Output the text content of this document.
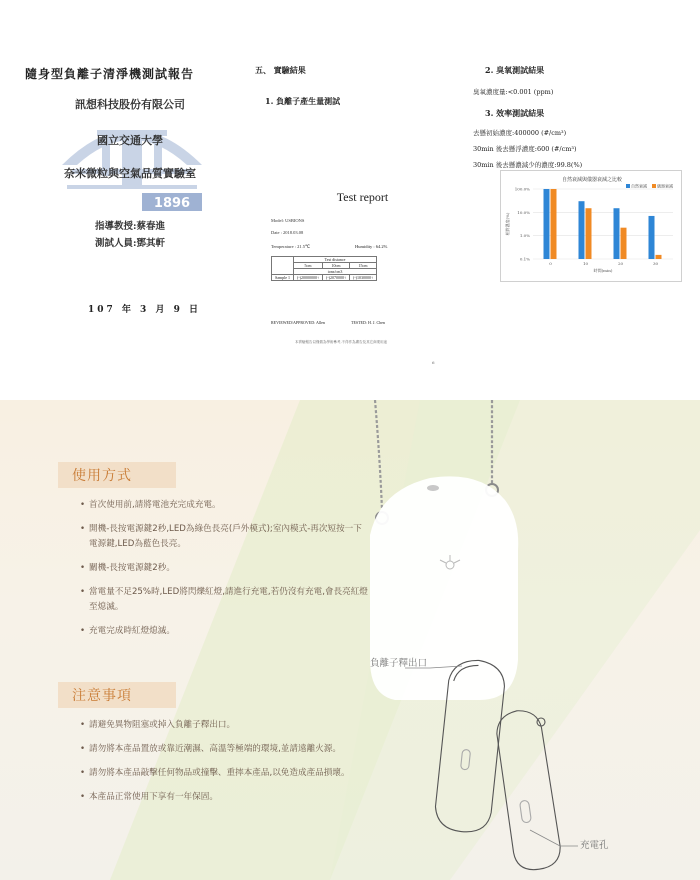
1896
隨身型負離子清淨機測試報告
訊想科技股份有限公司
國立交通大學
奈米微粒與空氣品質實驗室
指導教授:蔡春進
測試人員:鄧其軒
107 年 3 月 9 日
五、 實驗結果
1. 負離子產生量測試
Test report
Model: USBIONS
Date : 2018.03.08
Temperature : 21.5℃	Humidity : 64.2%
	Test distance		
	5cm	10cm	15cm
	ions/cm3		
Sample 1	(-)20000000↑	(-)2070000↑	(-)1030000↑
REVIEWED/APPROVED: Allen	TESTED: H. J. Chen
本實驗報告以僅做為學術參考,不得作為廣告及其它商業用途
6
2. 臭氧測試結果
臭氧濃度量:<0.001 (ppm)
3. 效率測試結果
去懸初始濃度:400000 (#/cm³)
30min 後去懸浮濃度:600 (#/cm³)
30min 後去懸濃減少的濃度:99.8(%)
自然衰減與儀器衰減之比較
0.1%
1.0%
10.0%
100.0%
相對濃度(%)
0	10	20	30
時間(min)
自然衰減	儀器衰減
負離子釋出口
充電孔
使用方式
• 首次使用前,請將電池充完成充電。
• 開機-長按電源鍵2秒,LED為綠色長亮(戶外模式);室內模式-再次短按一下電源鍵,LED為藍色長亮。
• 關機-長按電源鍵2秒。
• 當電量不足25%時,LED將閃爍紅燈,請進行充電,若仍沒有充電,會長亮紅燈至熄滅。
• 充電完成時紅燈熄滅。
注意事項
• 請避免異物阻塞或掉入負離子釋出口。
• 請勿將本產品置放或靠近潮濕、高溫等極端的環境,並請遠離火源。
• 請勿將本產品敲擊任何物品或撞擊、重摔本產品,以免造成產品損壞。
• 本產品正常使用下享有一年保固。
